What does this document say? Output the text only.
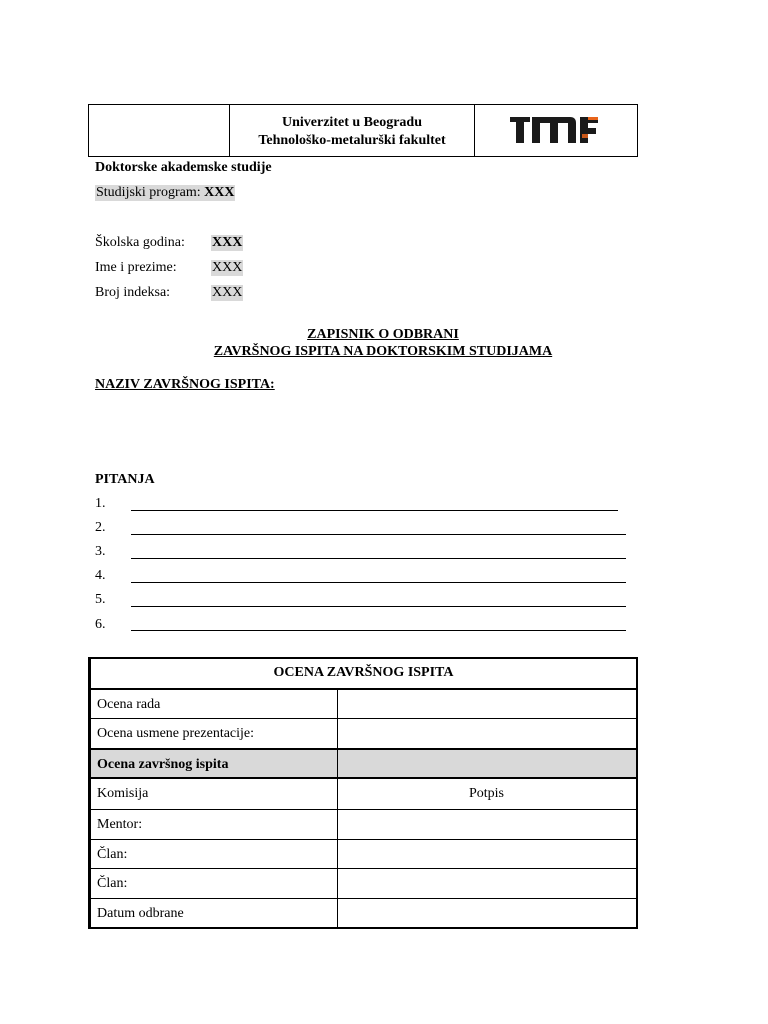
Univerzitet u Beogradu
Tehnološko-metalurški fakultet
Doktorske akademske studije
Studijski program: XXX
Školska godina: XXX
Ime i prezime:	XXX
Broj indeksa:	XXX
ZAPISNIK O ODBRANI
ZAVRŠNOG ISPITA NA DOKTORSKIM STUDIJAMA
NAZIV ZAVRŠNOG ISPITA:
PITANJA
1.
2.
3.
4.
5.
6.
OCENA ZAVRŠNOG ISPITA
Ocena rada
Ocena usmene prezentacije:
Ocena završnog ispita
Komisija	Potpis
Mentor:
Član:
Član:
Datum odbrane
